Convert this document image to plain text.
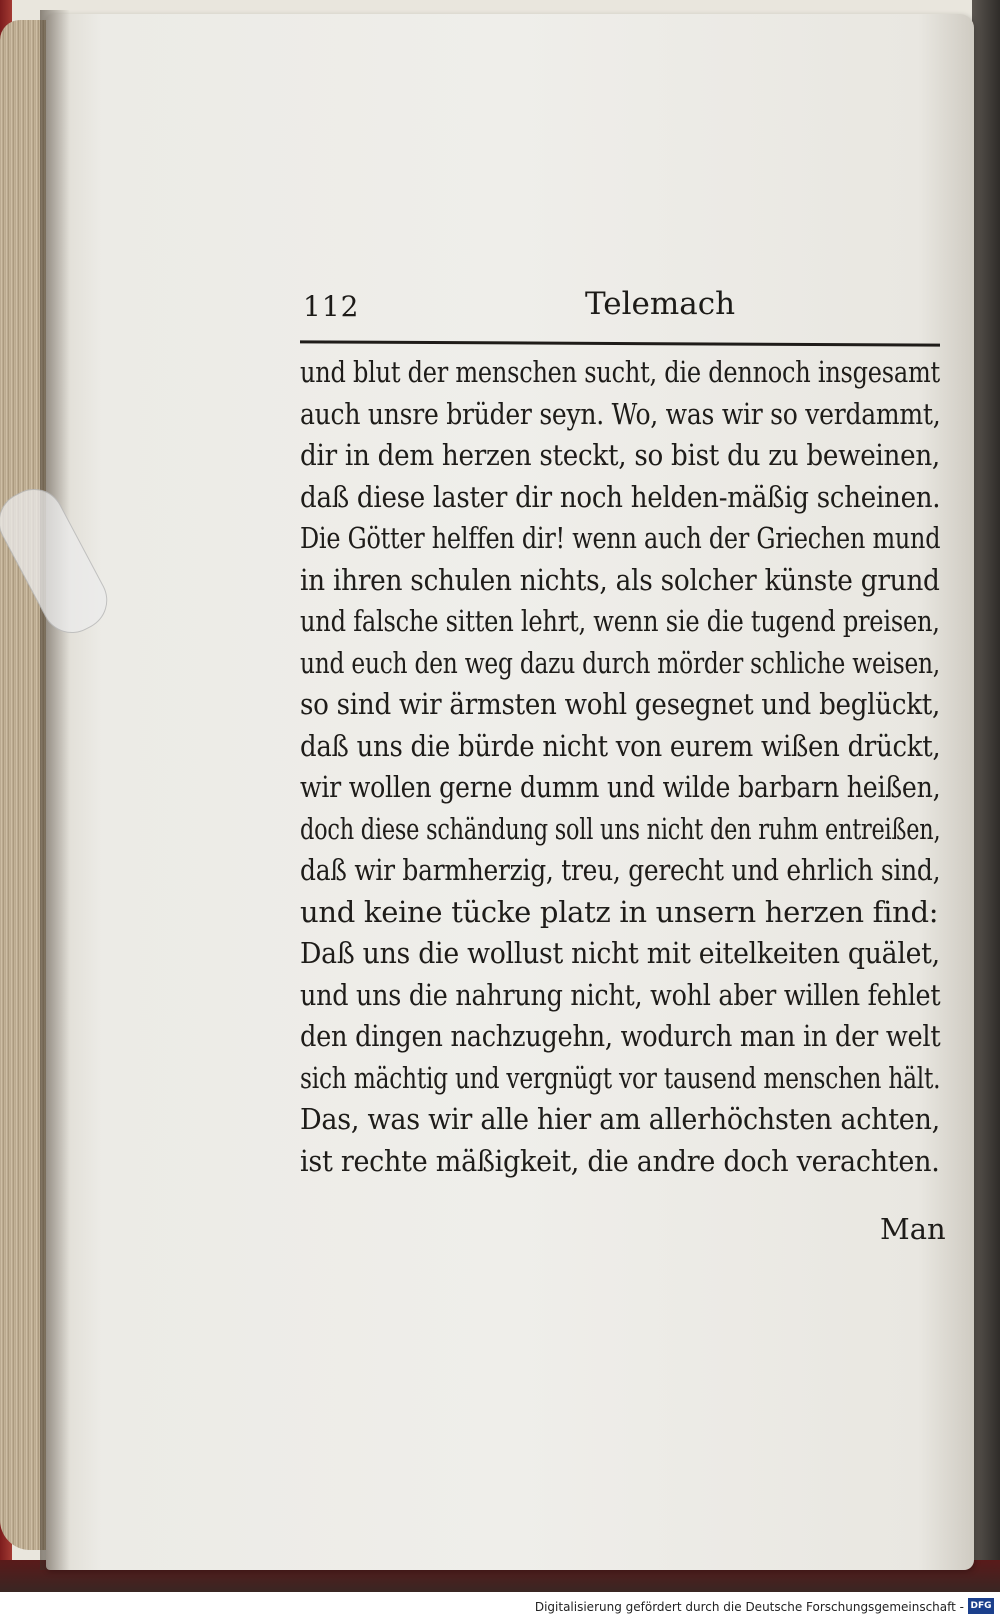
112	Telemach
und blut der menschen sucht, die dennoch insgesamt
auch unsre brüder seyn. Wo, was wir so verdammt,
dir in dem herzen steckt, so bist du zu beweinen,
daß diese laster dir noch helden-mäßig scheinen.
Die Götter helffen dir! wenn auch der Griechen mund
in ihren schulen nichts, als solcher künste grund
und falsche sitten lehrt, wenn sie die tugend preisen,
und euch den weg dazu durch mörder schliche weisen,
so sind wir ärmsten wohl gesegnet und beglückt,
daß uns die bürde nicht von eurem wißen drückt,
wir wollen gerne dumm und wilde barbarn heißen,
doch diese schändung soll uns nicht den ruhm entreißen,
daß wir barmherzig, treu, gerecht und ehrlich sind,
und keine tücke platz in unsern herzen find:
Daß uns die wollust nicht mit eitelkeiten quälet,
und uns die nahrung nicht, wohl aber willen fehlet
den dingen nachzugehn, wodurch man in der welt
sich mächtig und vergnügt vor tausend menschen hält.
Das, was wir alle hier am allerhöchsten achten,
ist rechte mäßigkeit, die andre doch verachten.
Man
Digitalisierung gefördert durch die Deutsche Forschungsgemeinschaft - DFG
